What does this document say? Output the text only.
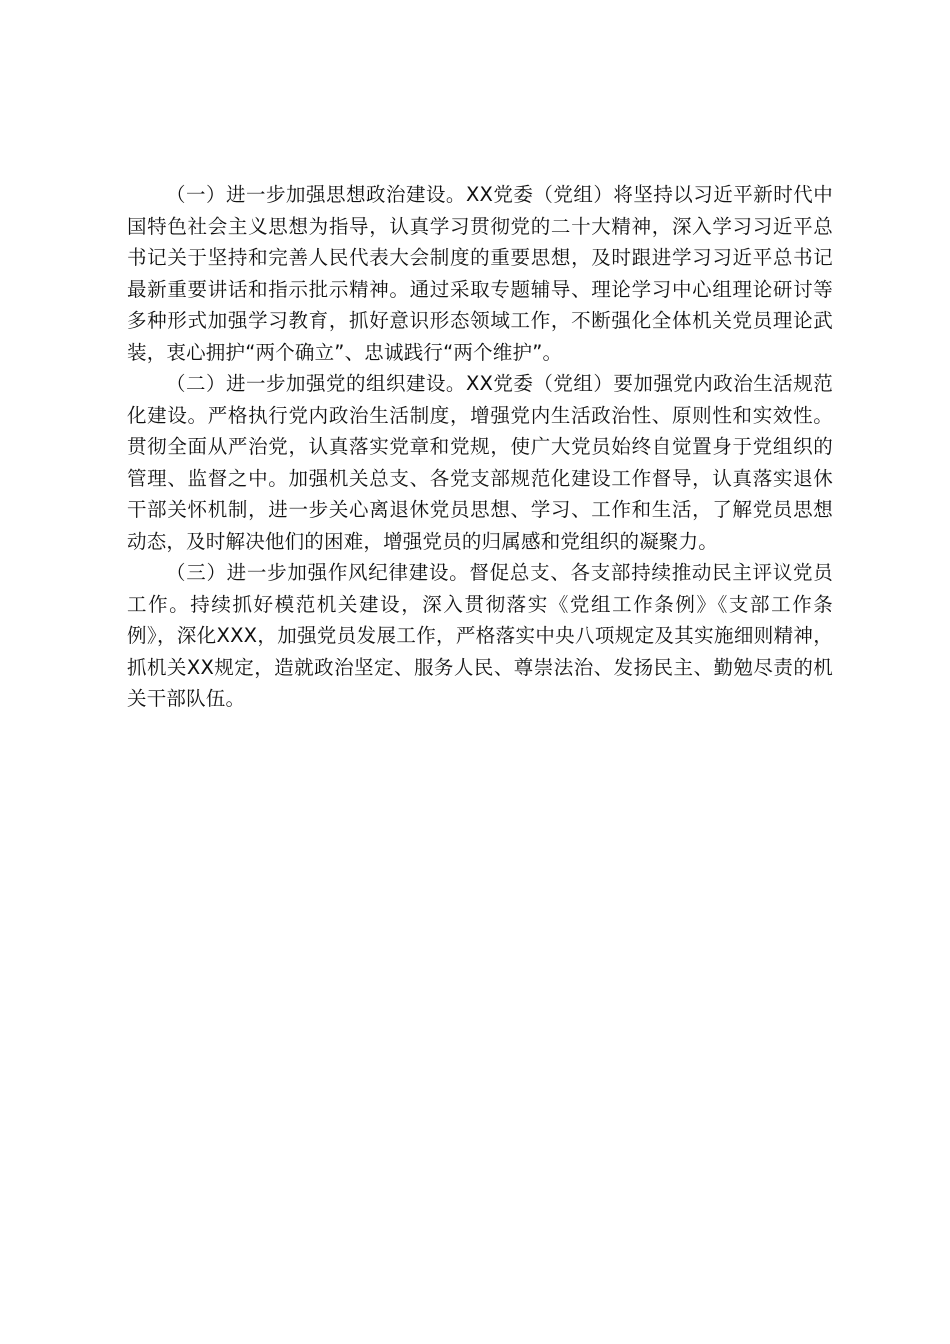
（一）进一步加强思想政治建设。XX党委（党组）将坚持以习近平新时代中国特色社会主义思想为指导，认真学习贯彻党的二十大精神，深入学习习近平总书记关于坚持和完善人民代表大会制度的重要思想，及时跟进学习习近平总书记最新重要讲话和指示批示精神。通过采取专题辅导、理论学习中心组理论研讨等多种形式加强学习教育，抓好意识形态领域工作，不断强化全体机关党员理论武装，衷心拥护“两个确立”、忠诚践行“两个维护”。

（二）进一步加强党的组织建设。XX党委（党组）要加强党内政治生活规范化建设。严格执行党内政治生活制度，增强党内生活政治性、原则性和实效性。贯彻全面从严治党，认真落实党章和党规，使广大党员始终自觉置身于党组织的管理、监督之中。加强机关总支、各党支部规范化建设工作督导，认真落实退休干部关怀机制，进一步关心离退休党员思想、学习、工作和生活，了解党员思想动态，及时解决他们的困难，增强党员的归属感和党组织的凝聚力。

（三）进一步加强作风纪律建设。督促总支、各支部持续推动民主评议党员工作。持续抓好模范机关建设，深入贯彻落实《党组工作条例》《支部工作条例》，深化XXX，加强党员发展工作，严格落实中央八项规定及其实施细则精神，抓机关XX规定，造就政治坚定、服务人民、尊崇法治、发扬民主、勤勉尽责的机关干部队伍。
